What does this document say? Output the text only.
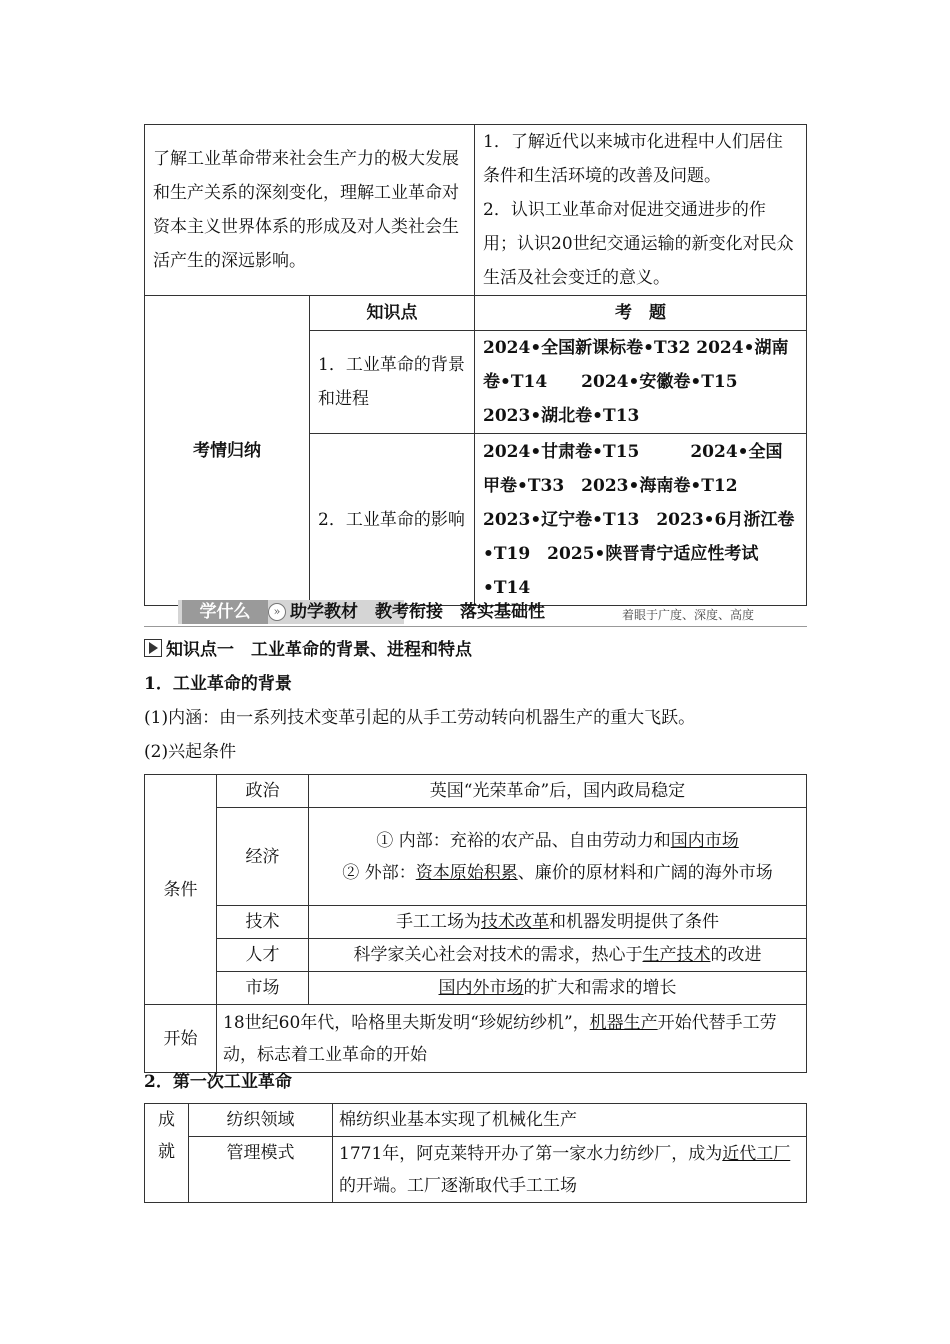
了解工业革命带来社会生产力的极大发展和生产关系的深刻变化，理解工业革命对资本主义世界体系的形成及对人类社会生活产生的深远影响。		1．了解近代以来城市化进程中人们居住条件和生活环境的改善及问题。
2．认识工业革命对促进交通进步的作用；认识20世纪交通运输的新变化对民众生活及社会变迁的意义。

考情归纳	知识点	考　题
	1．工业革命的背景和进程	2024•全国新课标卷•T32 2024•湖南卷•T14　　2024•安徽卷•T15
2023•湖北卷•T13

	2．工业革命的影响	2024•甘肃卷•T15　　　2024•全国甲卷•T33　2023•海南卷•T12　2023•辽宁卷•T13　2023•6月浙江卷•T19　2025•陕晋青宁适应性考试•T14
学什么	» 助学教材　教考衔接　落实基础性	着眼于广度、深度、高度
知识点一　工业革命的背景、进程和特点
1．工业革命的背景
(1)内涵：由一系列技术变革引起的从手工劳动转向机器生产的重大飞跃。
(2)兴起条件
条件	政治	英国“光荣革命”后，国内政局稳定
	经济	① 内部：充裕的农产品、自由劳动力和国内市场
② 外部：资本原始积累、廉价的原材料和广阔的海外市场

	技术	手工工场为技术改革和机器发明提供了条件
	人才	科学家关心社会对技术的需求，热心于生产技术的改进
	市场	国内外市场的扩大和需求的增长
开始	18世纪60年代，哈格里夫斯发明“珍妮纺纱机”，机器生产开始代替手工劳动，标志着工业革命的开始	
2．第一次工业革命
成
就	纺织领域	棉纺织业基本实现了机械化生产
	管理模式	1771年，阿克莱特开办了第一家水力纺纱厂，成为近代工厂的开端。工厂逐渐取代手工工场
